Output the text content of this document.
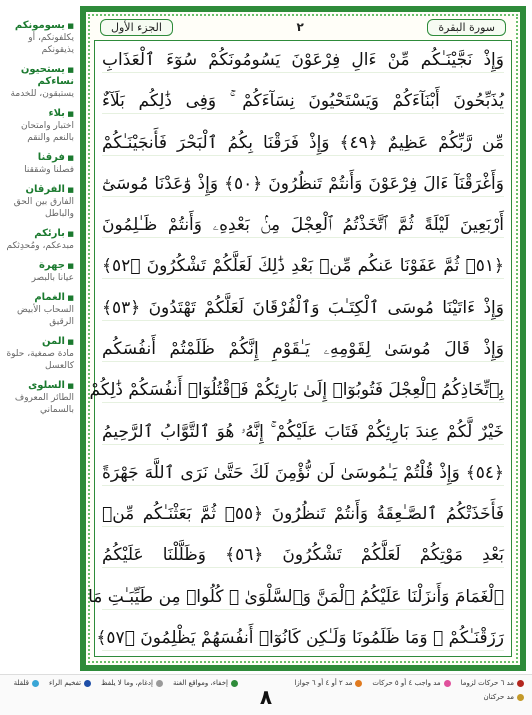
■ يسومونكم
يكلفونكم، أو يذيقونكم
■ يستحيون نساءكم
يستبقون، للخدمة
■ بلاء
اختبار وامتحان بالنعم والنقم
■ فرقنا
فصلنا وشققنا
■ الفرقان
الفارق بين الحق والباطل
■ بارئكم
مبدعكم، ومُحدِثكم
■ جهرة
عيانا بالبصر
■ الغمام
السحاب الأبيض الرقيق
■ المن
مادة صمغية، حلوة كالعسل
■ السلوى
الطائر المعروف بالسماني
الجزء الأول	٢	سورة البقرة
وَإِذْ نَجَّيْنَـٰكُم مِّنْ ءَالِ فِرْعَوْنَ يَسُومُونَكُمْ سُوٓءَ ٱلْعَذَابِ
يُذَبِّحُونَ أَبْنَآءَكُمْ وَيَسْتَحْيُونَ نِسَآءَكُمْ ۚ وَفِى ذَٰلِكُم بَلَآءٌ
مِّن رَّبِّكُمْ عَظِيمٌ ﴿٤٩﴾ وَإِذْ فَرَقْنَا بِكُمُ ٱلْبَحْرَ فَأَنجَيْنَـٰكُمْ
وَأَغْرَقْنَآ ءَالَ فِرْعَوْنَ وَأَنتُمْ تَنظُرُونَ ﴿٥٠﴾ وَإِذْ وَٰعَدْنَا مُوسَىٰٓ
أَرْبَعِينَ لَيْلَةً ثُمَّ ٱتَّخَذْتُمُ ٱلْعِجْلَ مِنۢ بَعْدِهِۦ وَأَنتُمْ ظَـٰلِمُونَ
﴿٥١﴾ ثُمَّ عَفَوْنَا عَنكُم مِّنۢ بَعْدِ ذَٰلِكَ لَعَلَّكُمْ تَشْكُرُونَ ﴿٥٢﴾
وَإِذْ ءَاتَيْنَا مُوسَى ٱلْكِتَـٰبَ وَٱلْفُرْقَانَ لَعَلَّكُمْ تَهْتَدُونَ ﴿٥٣﴾
وَإِذْ قَالَ مُوسَىٰ لِقَوْمِهِۦ يَـٰقَوْمِ إِنَّكُمْ ظَلَمْتُمْ أَنفُسَكُم
بِٱتِّخَاذِكُمُ ٱلْعِجْلَ فَتُوبُوٓا۟ إِلَىٰ بَارِئِكُمْ فَٱقْتُلُوٓا۟ أَنفُسَكُمْ ذَٰلِكُمْ
خَيْرٌ لَّكُمْ عِندَ بَارِئِكُمْ فَتَابَ عَلَيْكُمْ ۚ إِنَّهُۥ هُوَ ٱلتَّوَّابُ ٱلرَّحِيمُ
﴿٥٤﴾ وَإِذْ قُلْتُمْ يَـٰمُوسَىٰ لَن نُّؤْمِنَ لَكَ حَتَّىٰ نَرَى ٱللَّهَ جَهْرَةً
فَأَخَذَتْكُمُ ٱلصَّـٰعِقَةُ وَأَنتُمْ تَنظُرُونَ ﴿٥٥﴾ ثُمَّ بَعَثْنَـٰكُم مِّنۢ
بَعْدِ مَوْتِكُمْ لَعَلَّكُمْ تَشْكُرُونَ ﴿٥٦﴾ وَظَلَّلْنَا عَلَيْكُمُ
ٱلْغَمَامَ وَأَنزَلْنَا عَلَيْكُمُ ٱلْمَنَّ وَٱلسَّلْوَىٰ ۖ كُلُوا۟ مِن طَيِّبَـٰتِ مَا
رَزَقْنَـٰكُمْ ۖ وَمَا ظَلَمُونَا وَلَـٰكِن كَانُوٓا۟ أَنفُسَهُمْ يَظْلِمُونَ ﴿٥٧﴾
مد ٦ حركات لزوما
مد واجب ٤ أو ٥ حركات
مد ٢ أو ٤ أو ٦ جوازا
مد حركتان
إخفاء، ومواقع الغنة
إدغام، وما لا يلفظ
تفخيم الراء
قلقلة
٨
